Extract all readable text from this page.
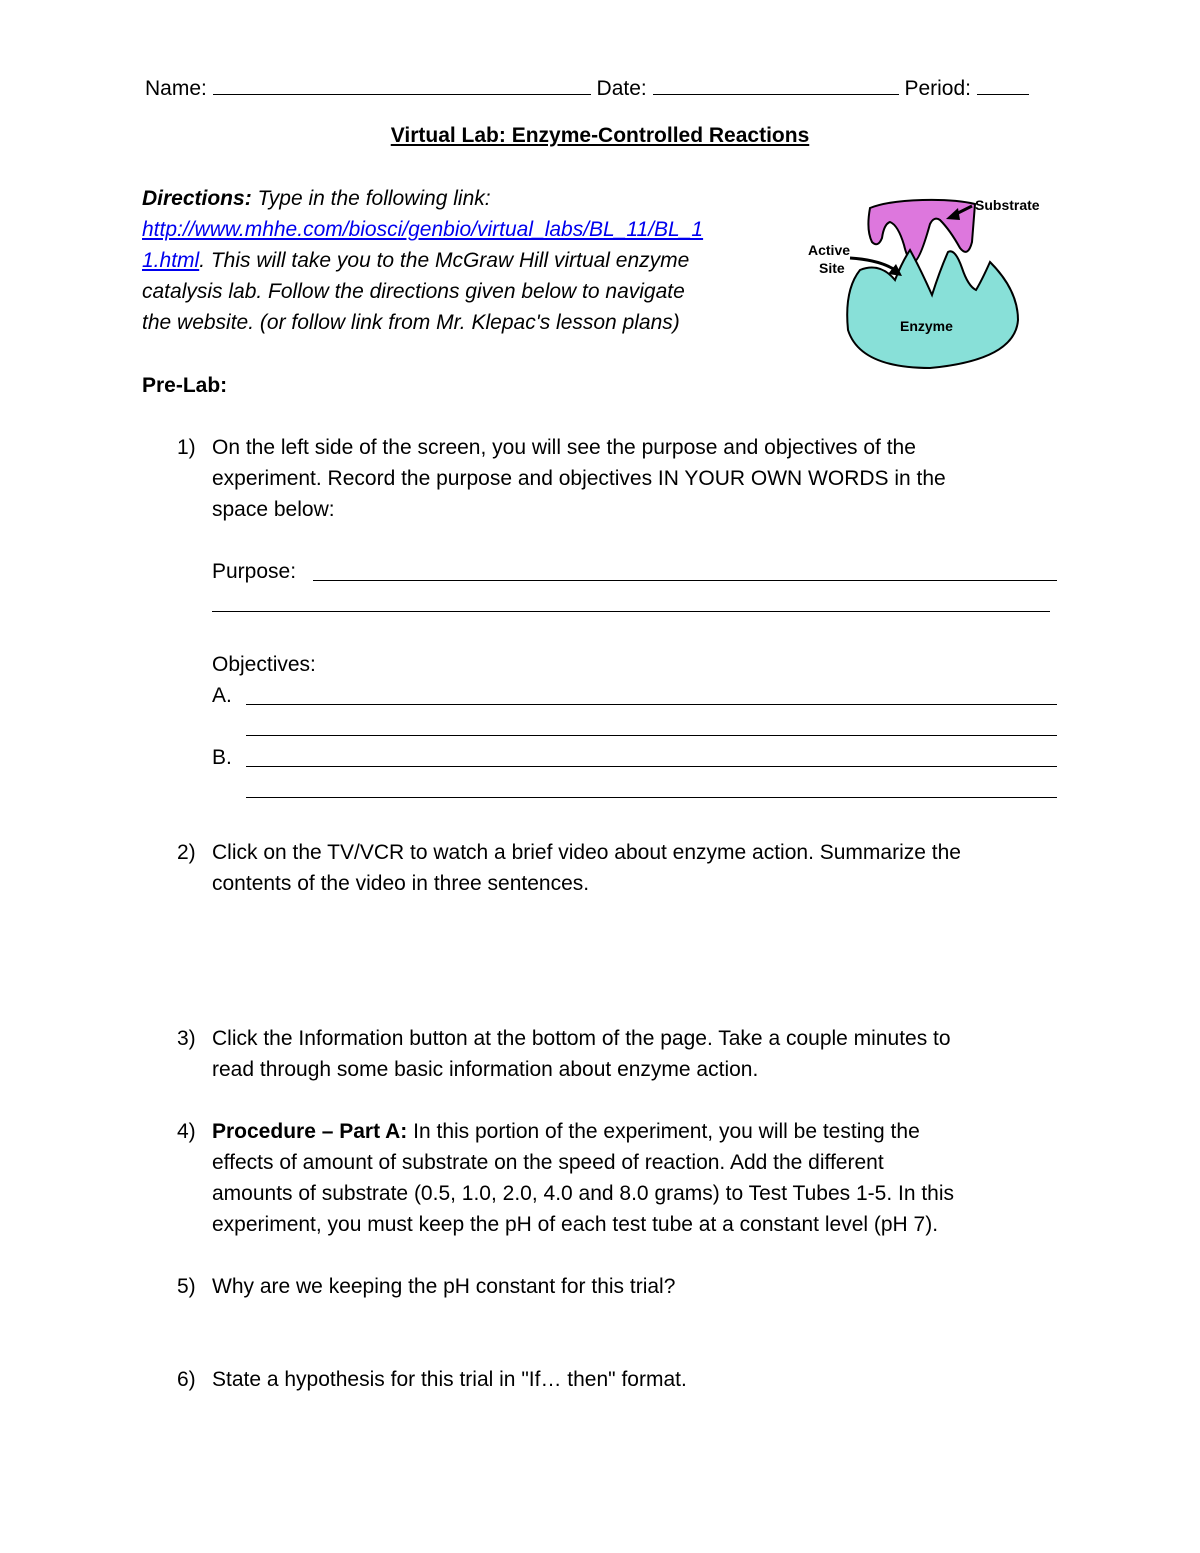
Name:	Date:	Period:
Virtual Lab: Enzyme-Controlled Reactions
Directions: Type in the following link:
http://www.mhhe.com/biosci/genbio/virtual_labs/BL_11/BL_1
1.html. This will take you to the McGraw Hill virtual enzyme
catalysis lab. Follow the directions given below to navigate
the website. (or follow link from Mr. Klepac's lesson plans)
Substrate
Active
Site
Enzyme
Pre-Lab:
1) On the left side of the screen, you will see the purpose and objectives of the
experiment. Record the purpose and objectives IN YOUR OWN WORDS in the
space below:
Purpose:
Objectives:
A.
B.
2) Click on the TV/VCR to watch a brief video about enzyme action. Summarize the
contents of the video in three sentences.
3) Click the Information button at the bottom of the page. Take a couple minutes to
read through some basic information about enzyme action.
4) Procedure – Part A: In this portion of the experiment, you will be testing the
effects of amount of substrate on the speed of reaction. Add the different
amounts of substrate (0.5, 1.0, 2.0, 4.0 and 8.0 grams) to Test Tubes 1-5. In this
experiment, you must keep the pH of each test tube at a constant level (pH 7).
5) Why are we keeping the pH constant for this trial?
6) State a hypothesis for this trial in "If… then" format.
